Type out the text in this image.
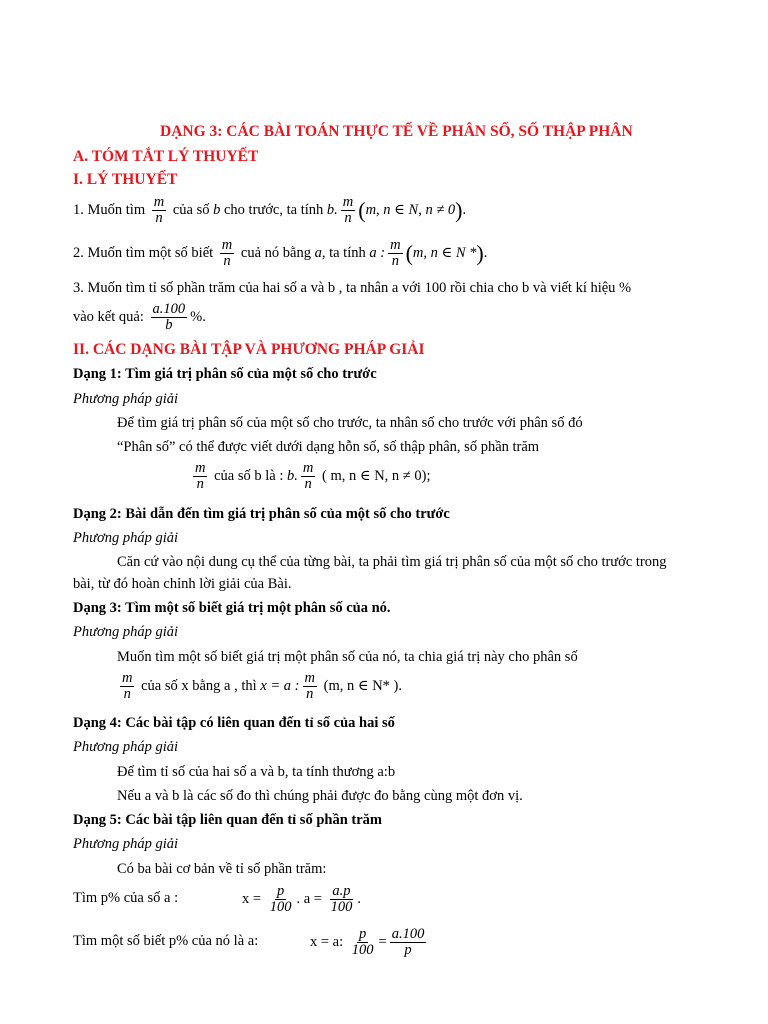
DẠNG 3: CÁC BÀI TOÁN THỰC TẾ VỀ PHÂN SỐ, SỐ THẬP PHÂN
A. TÓM TẮT LÝ THUYẾT
I. LÝ THUYẾT
1. Muốn tìm $\frac{m}{n}$ của số b cho trước, ta tính b. $\frac{m}{n} (m$, n ∈ N, n ≠ 0).
2. Muốn tìm một số biết $\frac{m}{n}$ cuả nó bằng a, ta tính a : $\frac{m}{n} (m$, n ∈ N *).
3. Muốn tìm tỉ số phần trăm của hai số a và b , ta nhân a với 100 rồi chia cho b và viết kí hiệu %
vào kết quả: $\frac{a.100}{b}$ %.
II. CÁC DẠNG BÀI TẬP VÀ PHƯƠNG PHÁP GIẢI
Dạng 1: Tìm giá trị phân số của một số cho trước
Phương pháp giải
Để tìm giá trị phân số của một số cho trước, ta nhân số cho trước với phân số đó
“Phân số” có thể được viết dưới dạng hỗn số, số thập phân, số phần trăm
$\frac{m}{n}$ của số b là : b. $\frac{m}{n}$ ( m, n ∈ N, n ≠ 0);
Dạng 2: Bài dẫn đến tìm giá trị phân số của một số cho trước
Phương pháp giải
Căn cứ vào nội dung cụ thể của từng bài, ta phải tìm giá trị phân số của một số cho trước trong
bài, từ đó hoàn chỉnh lời giải của Bài.
Dạng 3: Tìm một số biết giá trị một phân số của nó.
Phương pháp giải
Muốn tìm một số biết giá trị một phân số của nó, ta chia giá trị này cho phân số
$\frac{m}{n}$ của số x bằng a , thì x = a : $\frac{m}{n} (m$, n ∈ N* ).
Dạng 4: Các bài tập có liên quan đến tỉ số của hai số
Phương pháp giải
Để tìm tỉ số của hai số a và b, ta tính thương a:b
Nếu a và b là các số đo thì chúng phải được đo bằng cùng một đơn vị.
Dạng 5: Các bài tập liên quan đến tỉ số phần trăm
Phương pháp giải
Có ba bài cơ bản về tỉ số phần trăm:
Tìm p% của số a :	$x = \frac{p}{100}$ . $a = \frac{a.p}{100}$ .
Tìm một số biết p% của nó là a:	x = a: $\frac{p}{100} = \frac{a.100}{p}$
